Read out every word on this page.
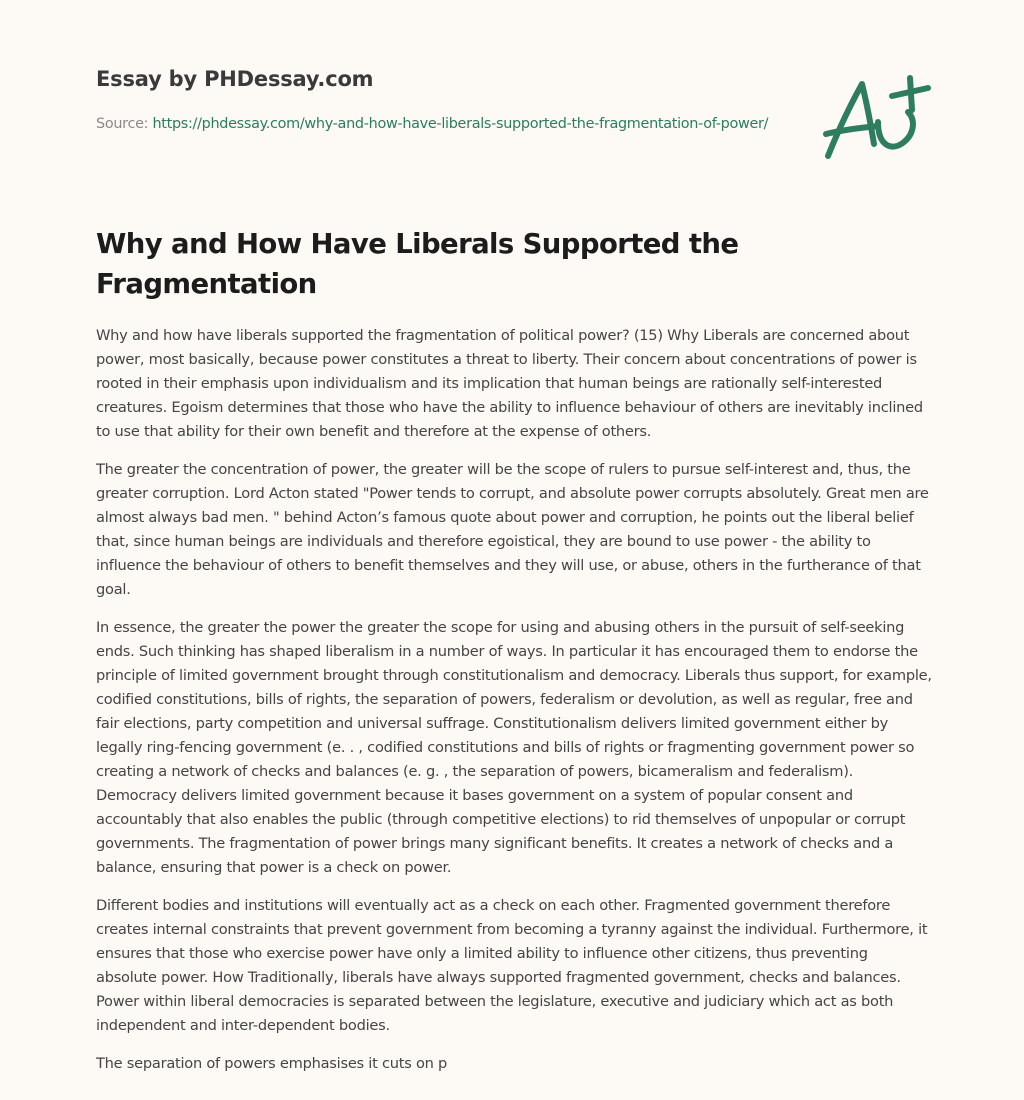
Essay by PHDessay.com
Source: https://phdessay.com/why-and-how-have-liberals-supported-the-fragmentation-of-power/
Why and How Have Liberals Supported the Fragmentation

Why and how have liberals supported the fragmentation of political power? (15) Why Liberals are concerned about power, most basically, because power constitutes a threat to liberty. Their concern about concentrations of power is rooted in their emphasis upon individualism and its implication that human beings are rationally self-interested creatures. Egoism determines that those who have the ability to influence behaviour of others are inevitably inclined to use that ability for their own benefit and therefore at the expense of others.

The greater the concentration of power, the greater will be the scope of rulers to pursue self-interest and, thus, the greater corruption. Lord Acton stated "Power tends to corrupt, and absolute power corrupts absolutely. Great men are almost always bad men. " behind Acton’s famous quote about power and corruption, he points out the liberal belief that, since human beings are individuals and therefore egoistical, they are bound to use power - the ability to influence the behaviour of others to benefit themselves and they will use, or abuse, others in the furtherance of that goal.

In essence, the greater the power the greater the scope for using and abusing others in the pursuit of self-seeking ends. Such thinking has shaped liberalism in a number of ways. In particular it has encouraged them to endorse the principle of limited government brought through constitutionalism and democracy. Liberals thus support, for example, codified constitutions, bills of rights, the separation of powers, federalism or devolution, as well as regular, free and fair elections, party competition and universal suffrage. Constitutionalism delivers limited government either by legally ring-fencing government (e. . , codified constitutions and bills of rights or fragmenting government power so creating a network of checks and balances (e. g. , the separation of powers, bicameralism and federalism). Democracy delivers limited government because it bases government on a system of popular consent and accountably that also enables the public (through competitive elections) to rid themselves of unpopular or corrupt governments. The fragmentation of power brings many significant benefits. It creates a network of checks and a balance, ensuring that power is a check on power.

Different bodies and institutions will eventually act as a check on each other. Fragmented government therefore creates internal constraints that prevent government from becoming a tyranny against the individual. Furthermore, it ensures that those who exercise power have only a limited ability to influence other citizens, thus preventing absolute power. How Traditionally, liberals have always supported fragmented government, checks and balances. Power within liberal democracies is separated between the legislature, executive and judiciary which act as both independent and inter-dependent bodies.

The separation of powers emphasises it cuts on p
